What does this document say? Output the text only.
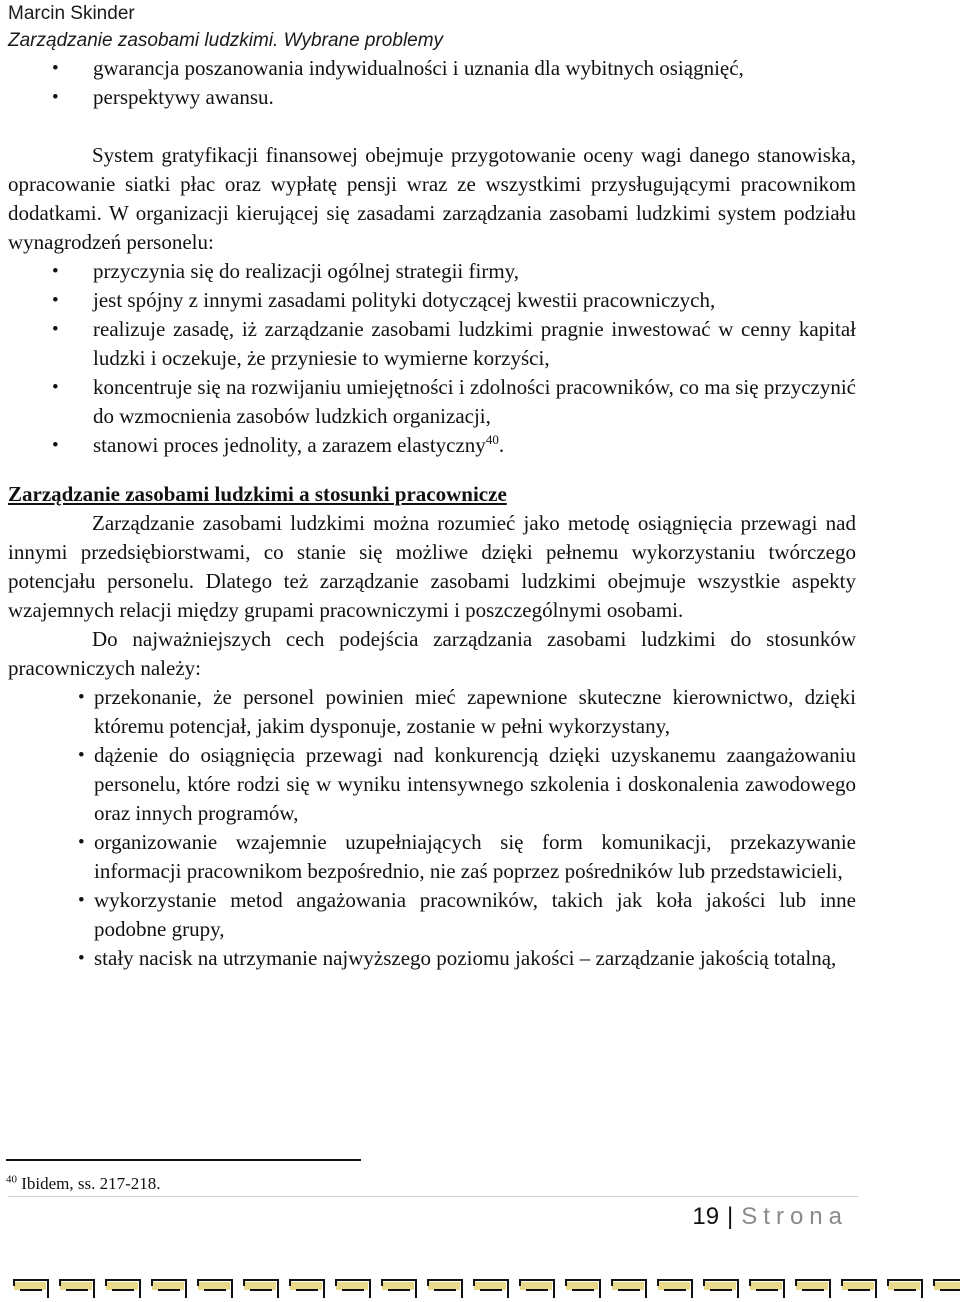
Marcin Skinder
Zarządzanie zasobami ludzkimi. Wybrane problemy
• gwarancja poszanowania indywidualności i uznania dla wybitnych osiągnięć,
• perspektywy awansu.

System gratyfikacji finansowej obejmuje przygotowanie oceny wagi danego stanowiska, opracowanie siatki płac oraz wypłatę pensji wraz ze wszystkimi przysługującymi pracownikom dodatkami. W organizacji kierującej się zasadami zarządzania zasobami ludzkimi system podziału wynagrodzeń personelu:

• przyczynia się do realizacji ogólnej strategii firmy,
• jest spójny z innymi zasadami polityki dotyczącej kwestii pracowniczych,
• realizuje zasadę, iż zarządzanie zasobami ludzkimi pragnie inwestować w cenny kapitał ludzki i oczekuje, że przyniesie to wymierne korzyści,
• koncentruje się na rozwijaniu umiejętności i zdolności pracowników, co ma się przyczynić do wzmocnienia zasobów ludzkich organizacji,
• stanowi proces jednolity, a zarazem elastyczny$^{40}$.
Zarządzanie zasobami ludzkimi a stosunki pracownicze

Zarządzanie zasobami ludzkimi można rozumieć jako metodę osiągnięcia przewagi nad innymi przedsiębiorstwami, co stanie się możliwe dzięki pełnemu wykorzystaniu twórczego potencjału personelu. Dlatego też zarządzanie zasobami ludzkimi obejmuje wszystkie aspekty wzajemnych relacji między grupami pracowniczymi i poszczególnymi osobami.

Do najważniejszych cech podejścia zarządzania zasobami ludzkimi do stosunków pracowniczych należy:

• przekonanie, że personel powinien mieć zapewnione skuteczne kierownictwo, dzięki któremu potencjał, jakim dysponuje, zostanie w pełni wykorzystany,
• dążenie do osiągnięcia przewagi nad konkurencją dzięki uzyskanemu zaangażowaniu personelu, które rodzi się w wyniku intensywnego szkolenia i doskonalenia zawodowego oraz innych programów,
• organizowanie wzajemnie uzupełniających się form komunikacji, przekazywanie informacji pracownikom bezpośrednio, nie zaś poprzez pośredników lub przedstawicieli,
• wykorzystanie metod angażowania pracowników, takich jak koła jakości lub inne podobne grupy,
• stały nacisk na utrzymanie najwyższego poziomu jakości – zarządzanie jakością totalną,
$^{40}$ Ibidem, ss. 217-218.
19 | Strona
